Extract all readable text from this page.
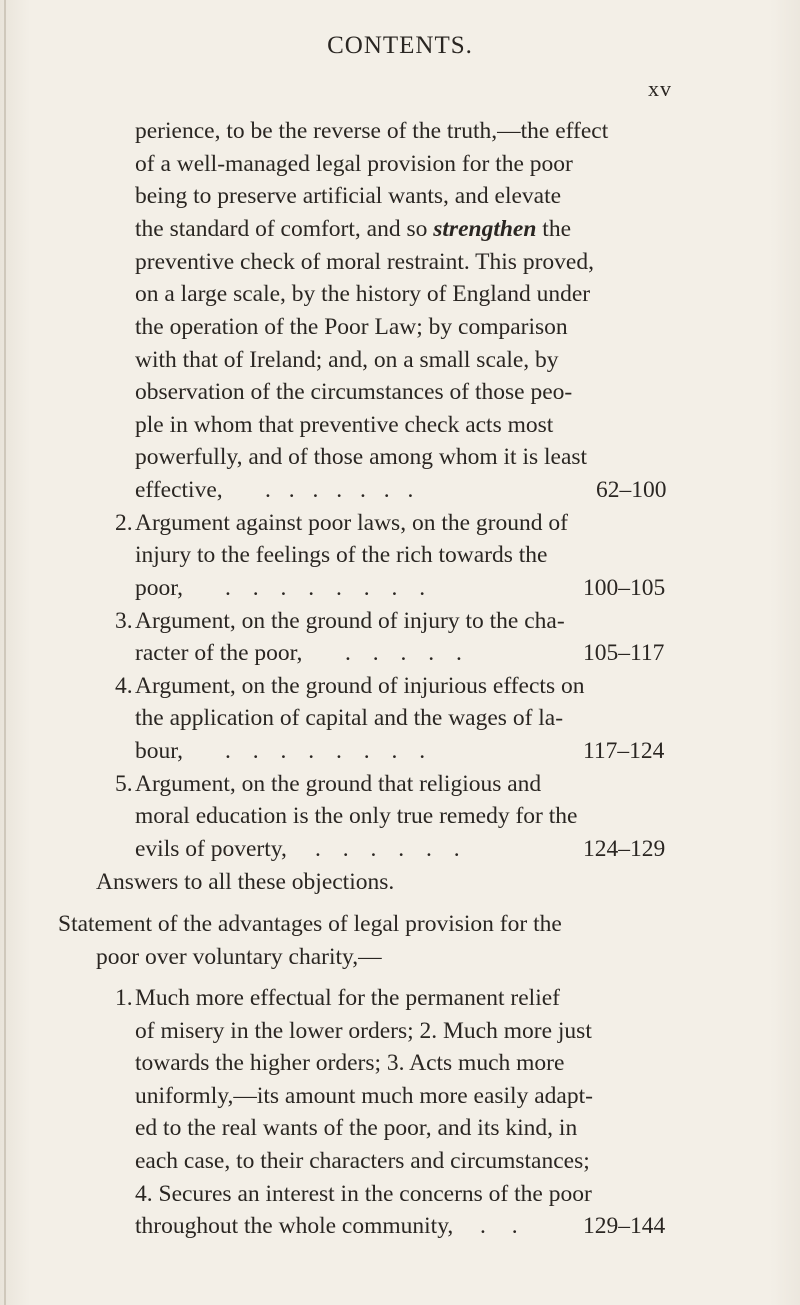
CONTENTS.
xv
perience, to be the reverse of the truth,—the effect
of a well-managed legal provision for the poor
being to preserve artificial wants, and elevate
the standard of comfort, and so strengthen the
preventive check of moral restraint. This proved,
on a large scale, by the history of England under
the operation of the Poor Law; by comparison
with that of Ireland; and, on a small scale, by
observation of the circumstances of those peo-
ple in whom that preventive check acts most
powerfully, and of those among whom it is least
effective, . . . . . . .	62–100
2. Argument against poor laws, on the ground of
injury to the feelings of the rich towards the
poor, . . . . . . . .	100–105
3. Argument, on the ground of injury to the cha-
racter of the poor, . . . . .	105–117
4. Argument, on the ground of injurious effects on
the application of capital and the wages of la-
bour, . . . . . . . .	117–124
5. Argument, on the ground that religious and
moral education is the only true remedy for the
evils of poverty, . . . . . .	124–129
Answers to all these objections.
Statement of the advantages of legal provision for the
poor over voluntary charity,—
1. Much more effectual for the permanent relief
of misery in the lower orders; 2. Much more just
towards the higher orders; 3. Acts much more
uniformly,—its amount much more easily adapt-
ed to the real wants of the poor, and its kind, in
each case, to their characters and circumstances;
4. Secures an interest in the concerns of the poor
throughout the whole community, . . 129–144
